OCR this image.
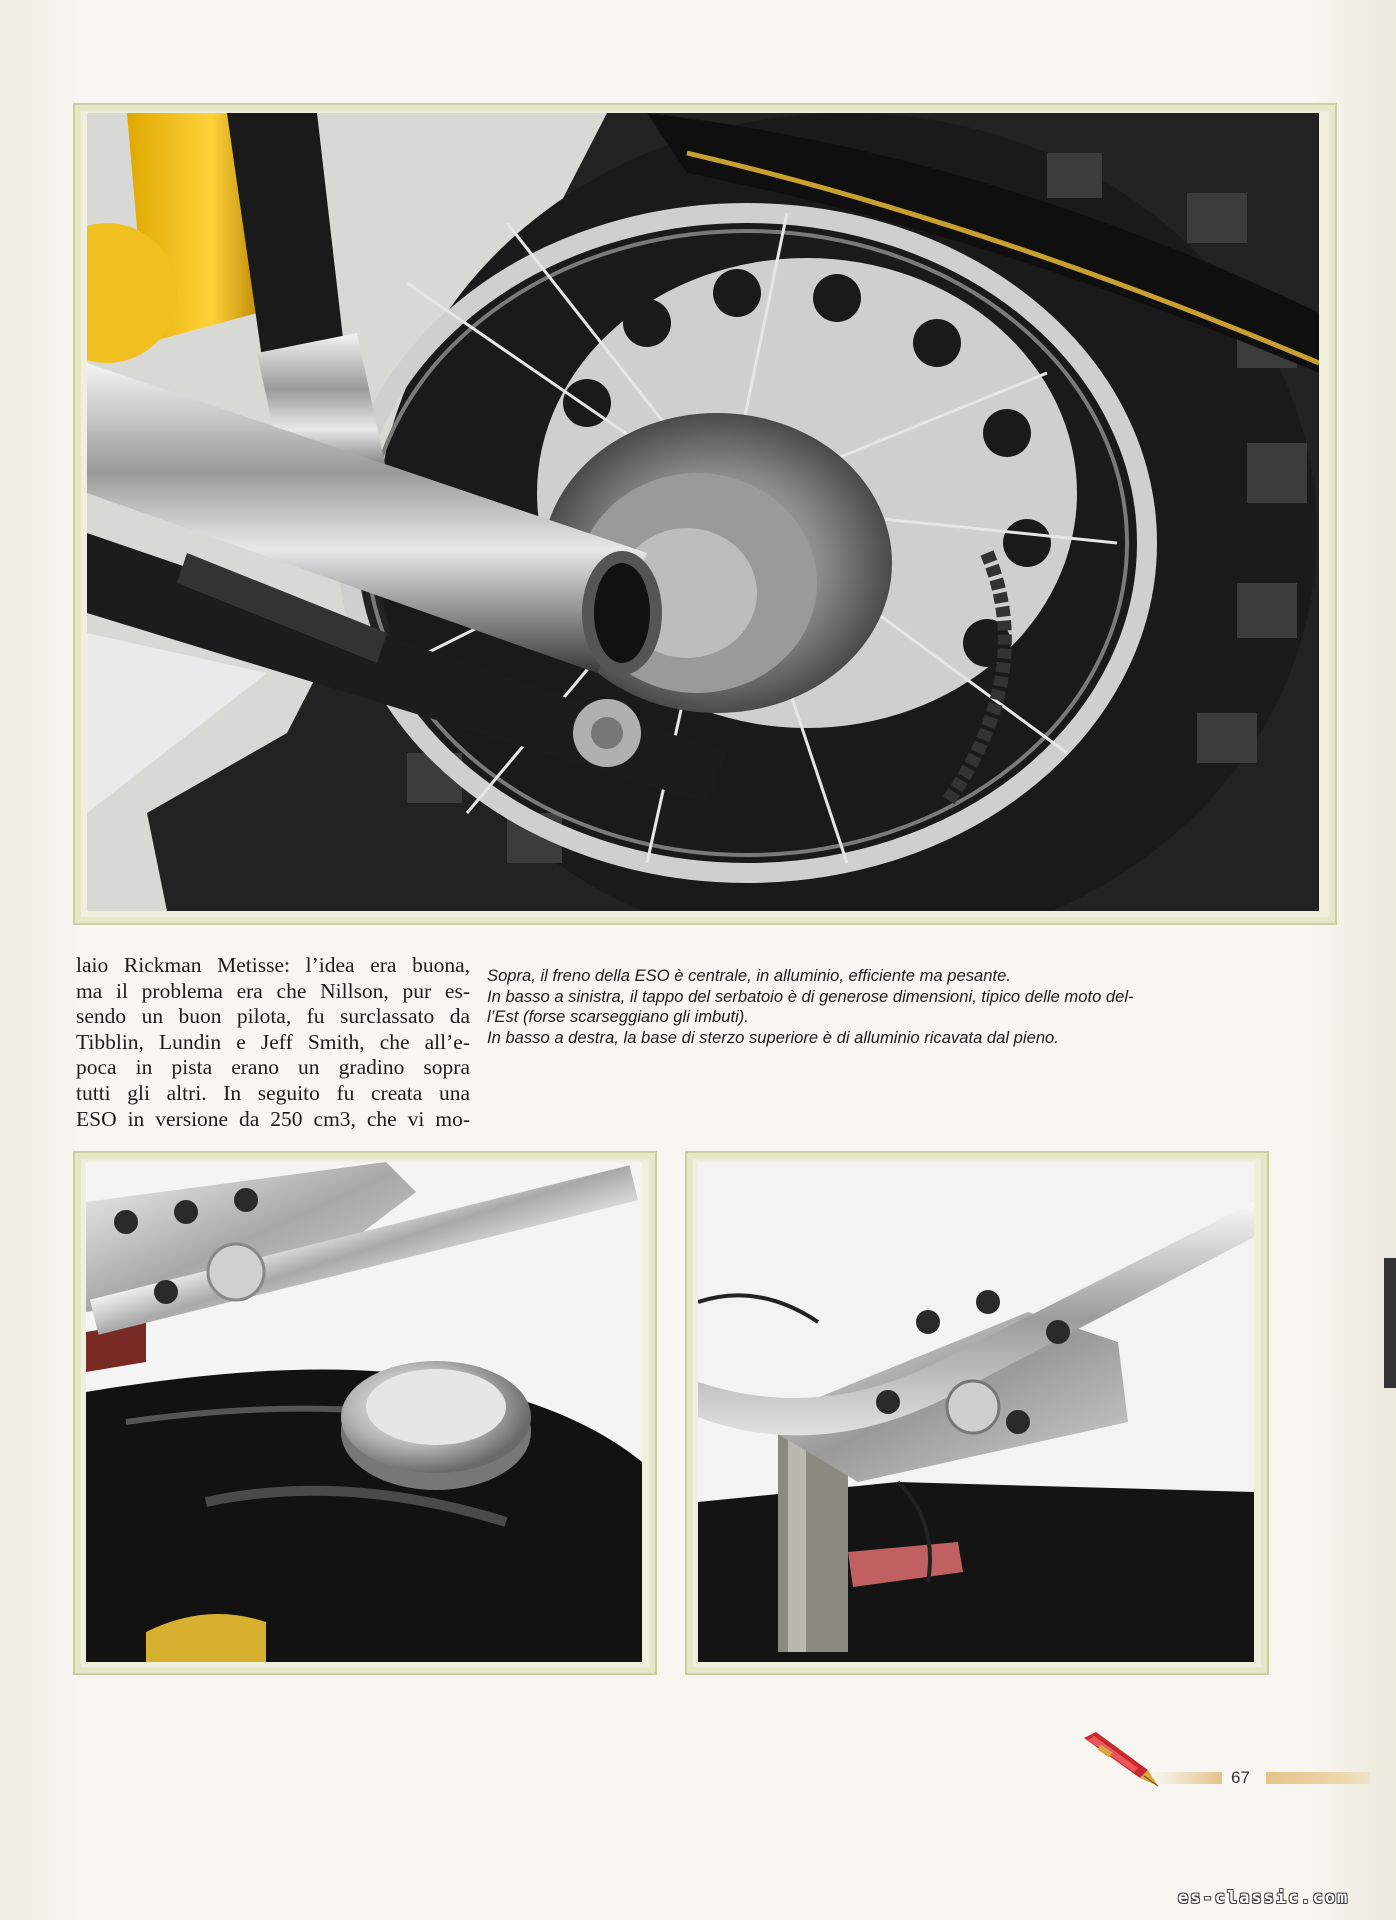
laio Rickman Metisse: l’idea era buona,
ma il problema era che Nillson, pur es-
sendo un buon pilota, fu surclassato da
Tibblin, Lundin e Jeff Smith, che all’e-
poca in pista erano un gradino sopra
tutti gli altri. In seguito fu creata una
ESO in versione da 250 cm3, che vi mo-
Sopra, il freno della ESO è centrale, in alluminio, efficiente ma pesante.
In basso a sinistra, il tappo del serbatoio è di generose dimensioni, tipico delle moto del-
l’Est (forse scarseggiano gli imbuti).
In basso a destra, la base di sterzo superiore è di alluminio ricavata dal pieno.
67
es-classic.com
